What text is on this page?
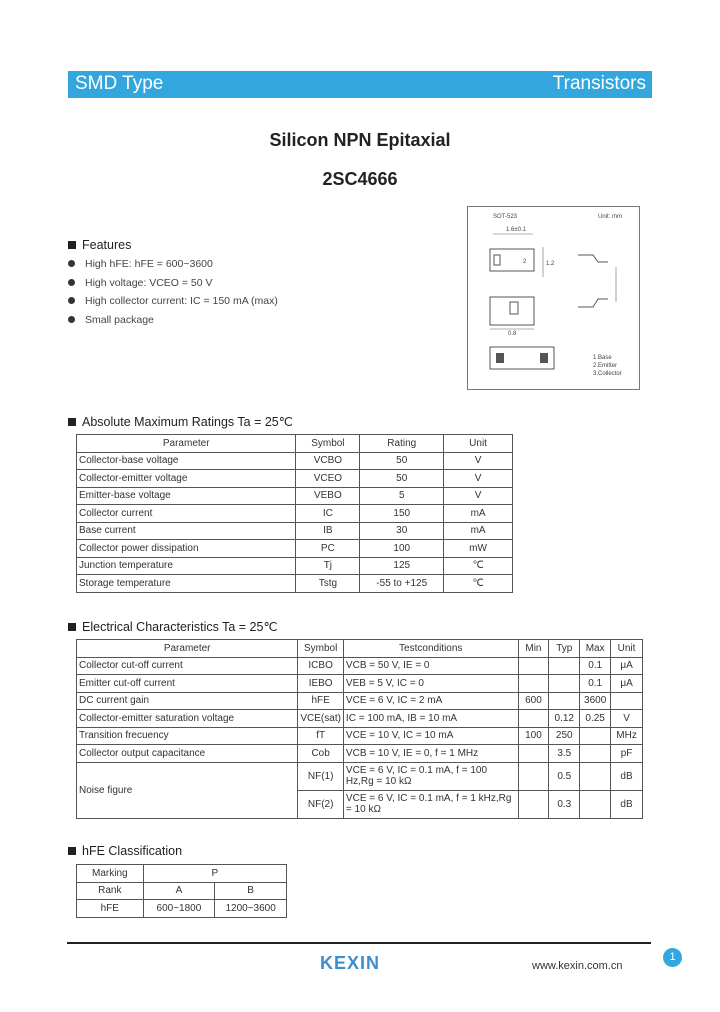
SMD Type	Transistors
Silicon NPN Epitaxial
2SC4666
Features
High hFE: hFE = 600~3600
High voltage: VCEO = 50 V
High collector current: IC = 150 mA (max)
Small package
SOT-523	Unit: mm
1.6±0.1
2	1.2
0.8
1.Base
2.Emitter
3.Collector
Absolute Maximum Ratings Ta = 25℃
Parameter	Symbol	Rating	Unit
Collector-base voltage	VCBO	50	V
Collector-emitter voltage	VCEO	50	V
Emitter-base voltage	VEBO	5	V
Collector current	IC	150	mA
Base current	IB	30	mA
Collector power dissipation	PC	100	mW
Junction temperature	Tj	125	℃
Storage temperature	Tstg	-55 to +125	℃
Electrical Characteristics Ta = 25℃
Parameter	Symbol	Testconditions	Min	Typ	Max	Unit
Collector cut-off current	ICBO	VCB = 50 V, IE = 0			0.1	μA
Emitter cut-off current	IEBO	VEB = 5 V, IC = 0			0.1	μA
DC current gain	hFE	VCE = 6 V, IC = 2 mA	600		3600	
Collector-emitter saturation voltage	VCE(sat)	IC = 100 mA, IB = 10 mA		0.12	0.25	V
Transition frecuency	fT	VCE = 10 V, IC = 10 mA	100	250		MHz
Collector output capacitance	Cob	VCB = 10 V, IE = 0, f = 1 MHz		3.5		pF
Noise figure	NF(1)	VCE = 6 V, IC = 0.1 mA, f = 100 Hz,Rg = 10 kΩ		0.5		dB
	NF(2)	VCE = 6 V, IC = 0.1 mA, f = 1 kHz,Rg = 10 kΩ		0.3		dB
hFE Classification
Marking	P	
Rank	A	B
hFE	600~1800	1200~3600
1
KEXIN	www.kexin.com.cn
